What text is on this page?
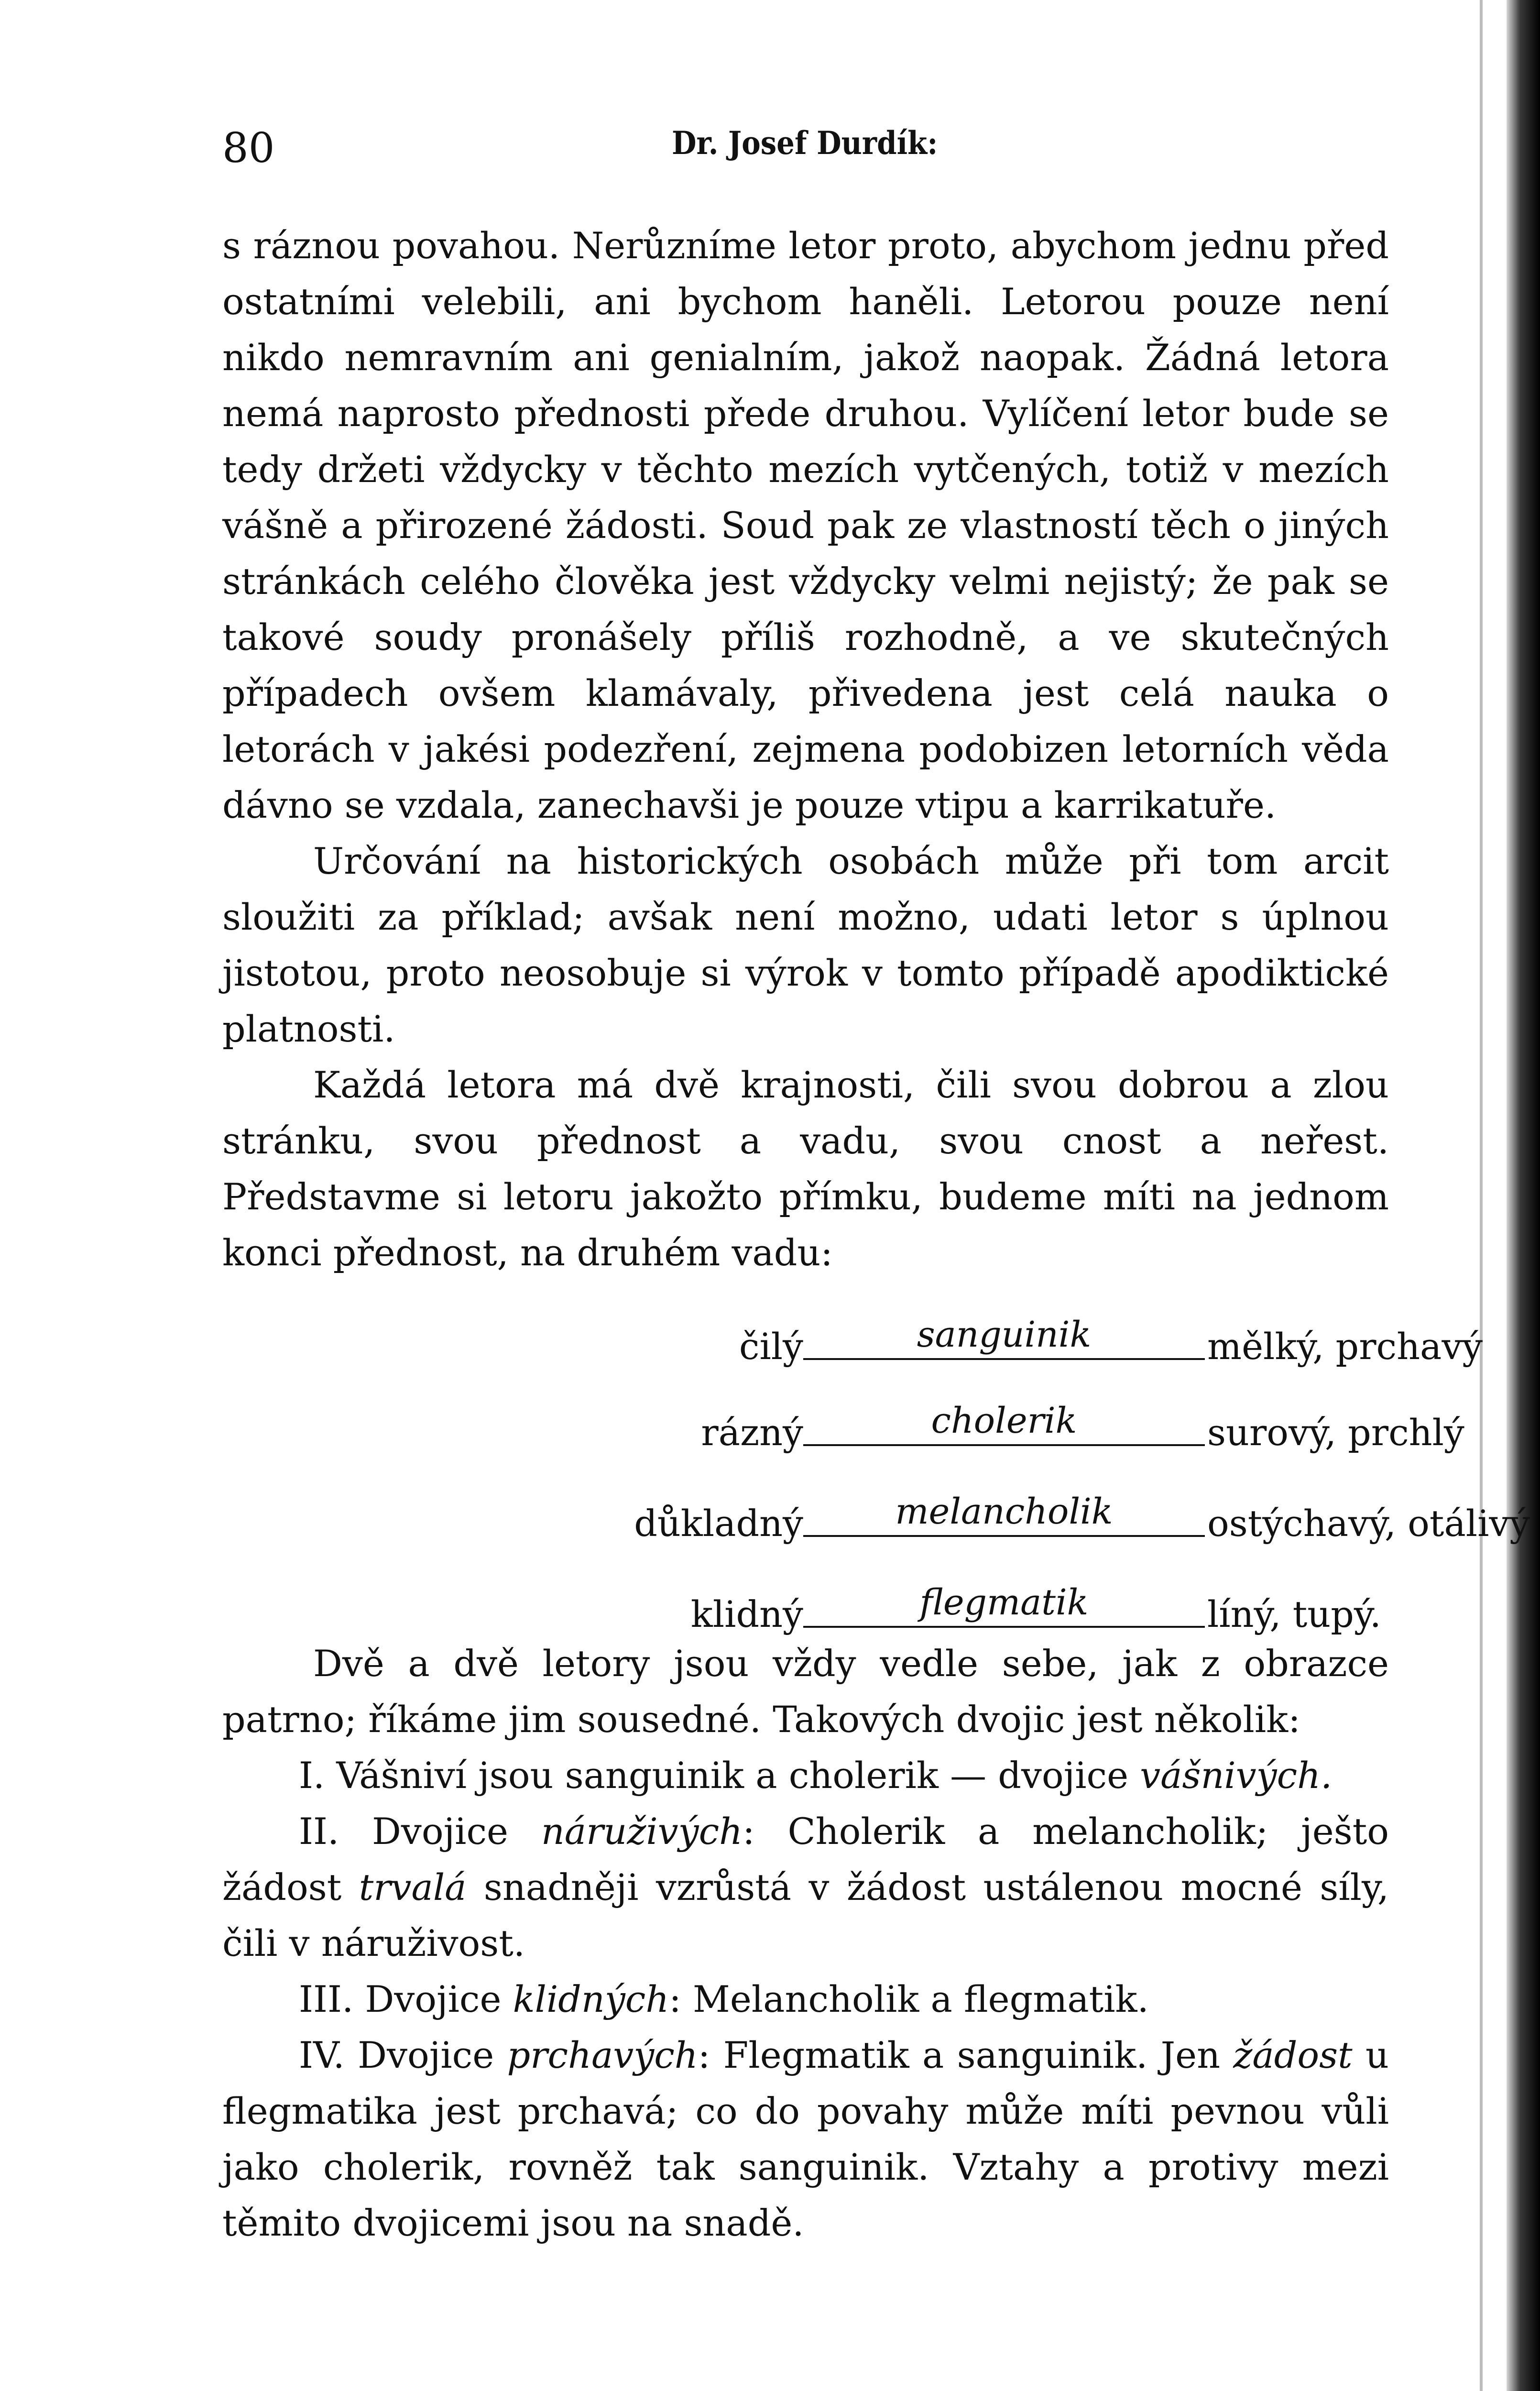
80	Dr. Josef Durdík:

s ráznou povahou. Nerůzníme letor proto, abychom jednu před ostatními velebili, ani bychom haněli. Letorou pouze není nikdo nemravním ani genialním, jakož naopak. Žádná letora nemá naprosto přednosti přede druhou. Vylíčení letor bude se tedy držeti vždycky v těchto mezích vytčených, totiž v mezích vášně a přirozené žádosti. Soud pak ze vlastností těch o jiných stránkách celého člověka jest vždycky velmi nejistý; že pak se takové soudy pronášely příliš rozhodně, a ve skutečných případech ovšem klamávaly, přivedena jest celá nauka o letorách v jakési podezření, zejmena podobizen letorních věda dávno se vzdala, zanechavši je pouze vtipu a karrikatuře.

Určování na historických osobách může při tom arcit sloužiti za příklad; avšak není možno, udati letor s úplnou jistotou, proto neosobuje si výrok v tomto případě apodiktické platnosti.

Každá letora má dvě krajnosti, čili svou dobrou a zlou stránku, svou přednost a vadu, svou cnost a neřest. Představme si letoru jakožto přímku, budeme míti na jednom konci přednost, na druhém vadu:

čilý	sanguinik	mělký, prchavý
rázný	cholerik	surový, prchlý
důkladný	melancholik	ostýchavý, otálivý
klidný	flegmatik	líný, tupý.

Dvě a dvě letory jsou vždy vedle sebe, jak z obrazce patrno; říkáme jim sousedné. Takových dvojic jest několik:

I. Vášniví jsou sanguinik a cholerik — dvojice vášnivých.

II. Dvojice náruživých: Cholerik a melancholik; ješto žádost trvalá snadněji vzrůstá v žádost ustálenou mocné síly, čili v náruživost.

III. Dvojice klidných: Melancholik a flegmatik.

IV. Dvojice prchavých: Flegmatik a sanguinik. Jen žádost u flegmatika jest prchavá; co do povahy může míti pevnou vůli jako cholerik, rovněž tak sanguinik. Vztahy a protivy mezi těmito dvojicemi jsou na snadě.
